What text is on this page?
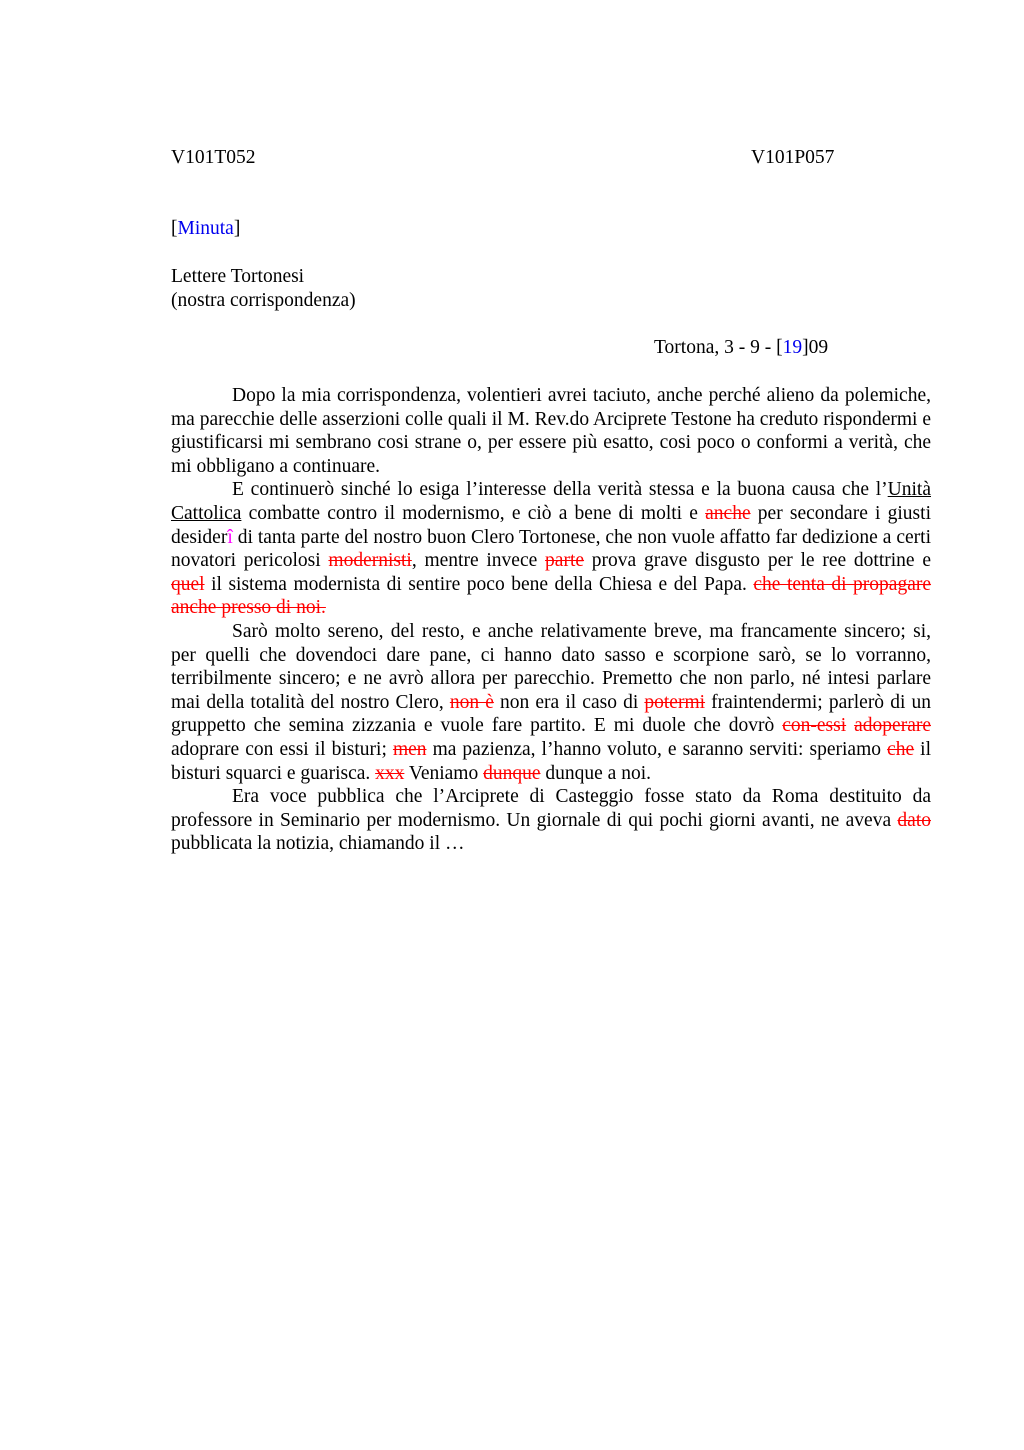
V101T052	V101P057
[Minuta]
Lettere Tortonesi
(nostra corrispondenza)
Tortona, 3 - 9 - [19]09

Dopo la mia corrispondenza, volentieri avrei taciuto, anche perché alieno da polemiche, ma parecchie delle asserzioni colle quali il M. Rev.do Arciprete Testone ha creduto rispondermi e giustificarsi mi sembrano cosi strane o, per essere più esatto, cosi poco o conformi a verità, che mi obbligano a continuare.

E continuerò sinché lo esiga l’interesse della verità stessa e la buona causa che l’Unità Cattolica combatte contro il modernismo, e ciò a bene di molti e anche per secondare i giusti desiderî di tanta parte del nostro buon Clero Tortonese, che non vuole affatto far dedizione a certi novatori pericolosi modernisti, mentre invece parte prova grave disgusto per le ree dottrine e quel il sistema modernista di sentire poco bene della Chiesa e del Papa. che tenta di propagare anche presso di noi.

Sarò molto sereno, del resto, e anche relativamente breve, ma francamente sincero; si, per quelli che dovendoci dare pane, ci hanno dato sasso e scorpione sarò, se lo vorranno, terribilmente sincero; e ne avrò allora per parecchio. Premetto che non parlo, né intesi parlare mai della totalità del nostro Clero, non è non era il caso di potermi fraintendermi; parlerò di un gruppetto che semina zizzania e vuole fare partito. E mi duole che dovrò con-essi adoperare adoprare con essi il bisturi; men ma pazienza, l’hanno voluto, e saranno serviti: speriamo che il bisturi squarci e guarisca. xxx Veniamo dunque dunque a noi.

Era voce pubblica che l’Arciprete di Casteggio fosse stato da Roma destituito da professore in Seminario per modernismo. Un giornale di qui pochi giorni avanti, ne aveva dato pubblicata la notizia, chiamando il …
